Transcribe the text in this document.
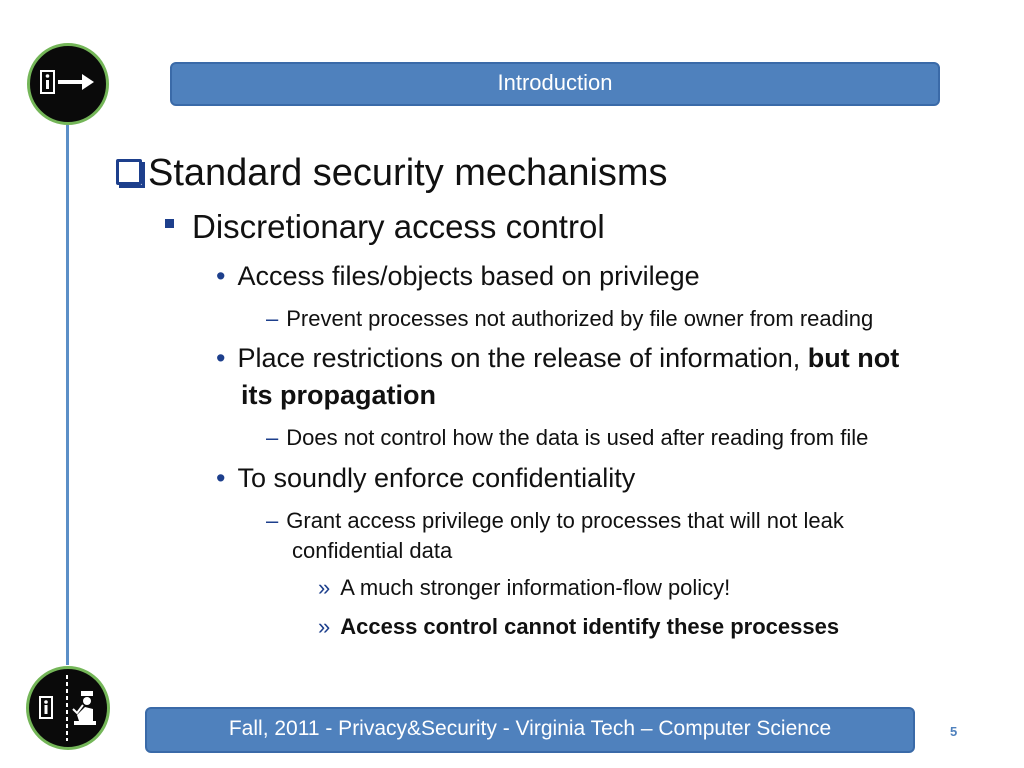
Introduction
Standard security mechanisms
Discretionary access control
• Access files/objects based on privilege
– Prevent processes not authorized by file owner from reading
• Place restrictions on the release of information, but not
its propagation
– Does not control how the data is used after reading from file
• To soundly enforce confidentiality
– Grant access privilege only to processes that will not leak
confidential data
» A much stronger information-flow policy!
» Access control cannot identify these processes
Fall, 2011 - Privacy&Security - Virginia Tech – Computer Science	5
